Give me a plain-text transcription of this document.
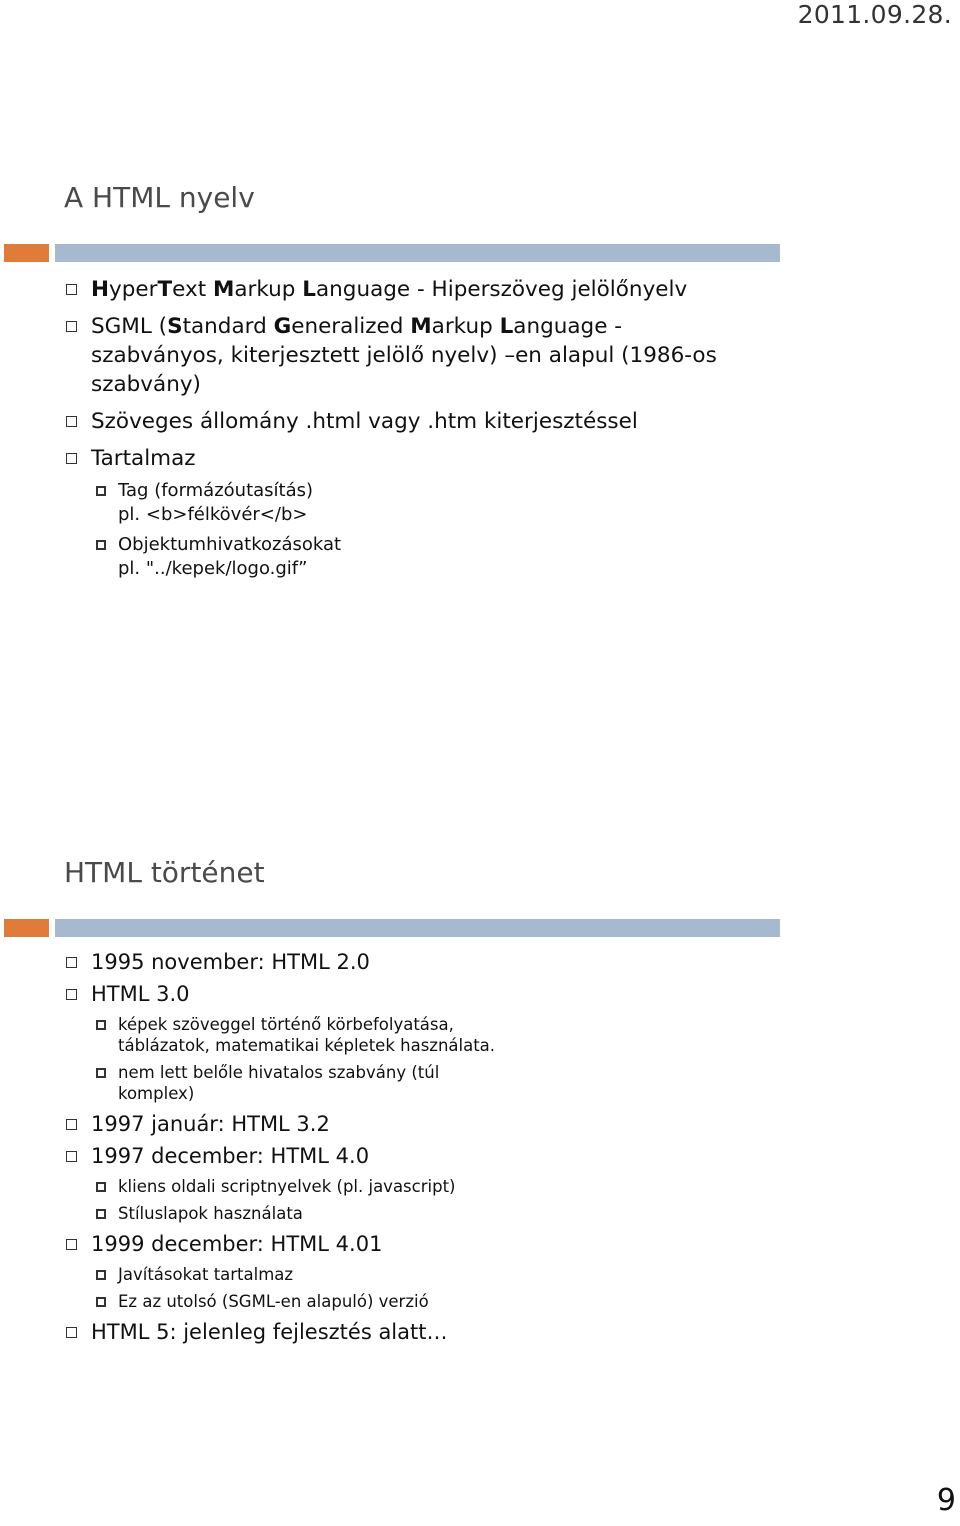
2011.09.28.
A HTML nyelv
HyperText Markup Language - Hiperszöveg jelölőnyelv
SGML (Standard Generalized Markup Language - szabványos, kiterjesztett jelölő nyelv) –en alapul (1986-os szabvány)
Szöveges állomány .html vagy .htm kiterjesztéssel
Tartalmaz
Tag (formázóutasítás)
pl. <b>félkövér</b>
Objektumhivatkozásokat
pl. "../kepek/logo.gif”
HTML történet
1995 november: HTML 2.0
HTML 3.0
képek szöveggel történő körbefolyatása, táblázatok, matematikai képletek használata.
nem lett belőle hivatalos szabvány (túl komplex)
1997 január: HTML 3.2
1997 december: HTML 4.0
kliens oldali scriptnyelvek (pl. javascript)
Stíluslapok használata
1999 december: HTML 4.01
Javításokat tartalmaz
Ez az utolsó (SGML-en alapuló) verzió
HTML 5: jelenleg fejlesztés alatt…
9
